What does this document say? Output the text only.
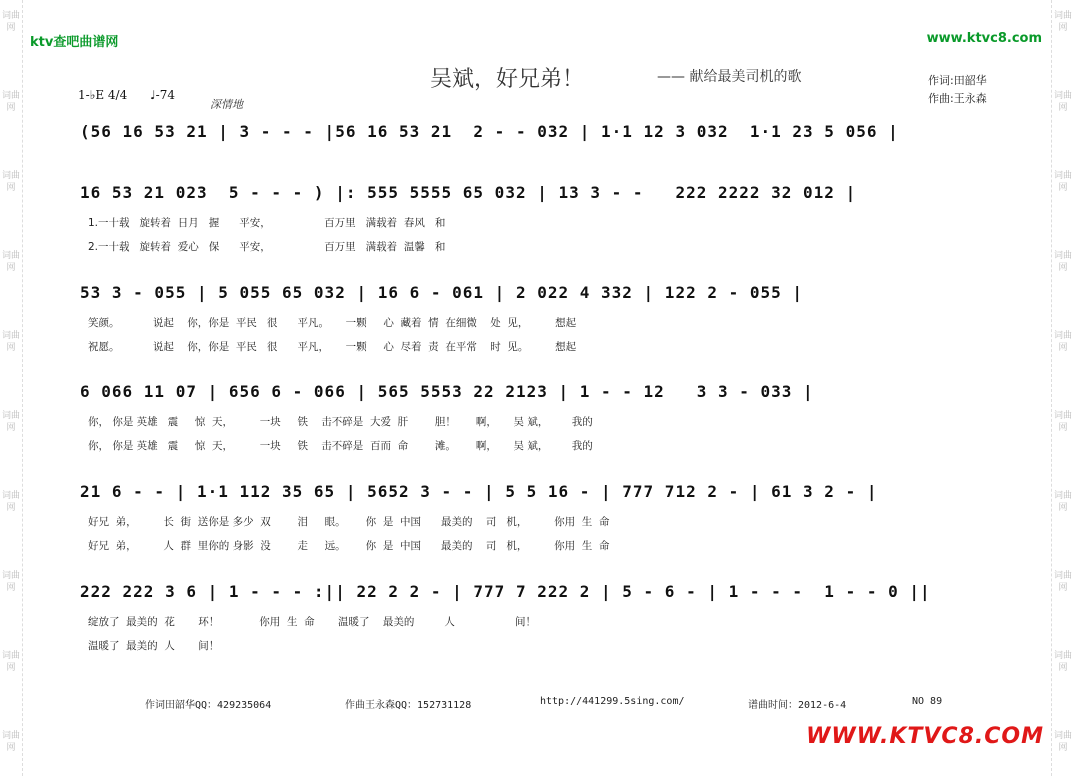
词曲网
词曲网
词曲网
词曲网
词曲网
词曲网
词曲网
词曲网
词曲网
词曲网
词曲网
词曲网
词曲网
词曲网
词曲网
词曲网
词曲网
词曲网
词曲网
词曲网
ktv查吧曲谱网	www.ktvc8.com
吴斌，好兄弟！	—— 献给最美司机的歌	作词:田韶华
作曲:王永森
1-♭E 4/4 ♩-74
深情地
(56 16 53 21 | 3 - - - |56 16 53 21  2 - - 032 | 1·1 12 3 032  1·1 23 5 056 |
16 53 21 023  5 - - - ) |: 555 5555 65 032 | 13 3 - -   222 2222 32 012 |
1.一十载   旋转着  日月   握      平安，                百万里   满载着  春风   和
2.一十载   旋转着  爱心   保      平安，                百万里   满载着  温馨   和
53 3 - 055 | 5 055 65 032 | 16 6 - 061 | 2 022 4 332 | 122 2 - 055 |
笑颜。          说起    你，你是  平民   很      平凡。     一颗     心  藏着  情  在细微    处  见，        想起
祝愿。          说起    你，你是  平民   很      平凡，     一颗     心  尽着  责  在平常    时  见。        想起
6 066 11 07 | 656 6 - 066 | 565 5553 22 2123 | 1 - - 12   3 3 - 033 |
你， 你是 英雄   震     惊  天，        一块     铁    击不碎是  大爱  肝        胆！      啊，     吴 斌，       我的
你， 你是 英雄   震     惊  天，        一块     铁    击不碎是  百而  命        滩。      啊，     吴 斌，       我的
21 6 - - | 1·1 112 35 65 | 5652 3 - - | 5 5 16 - | 777 712 2 - | 61 3 2 - |
好兄  弟，        长  街  送你是 多少  双        泪     眼。      你  是  中国      最美的    司   机，        你用  生  命
好兄  弟，        人  群  里你的 身影  没        走     远。      你  是  中国      最美的    司   机，        你用  生  命
222 222 3 6 | 1 - - - :|| 22 2 2 - | 777 7 222 2 | 5 - 6 - | 1 - - -  1 - - 0 ||
绽放了  最美的  花       环！            你用  生  命       温暖了    最美的         人                  间！
温暖了  最美的  人       间！
作词田韶华QQ：429235064	作曲王永森QQ：152731128	http://441299.5sing.com/	谱曲时间：2012-6-4	NO 89
WWW.KTVC8.COM
